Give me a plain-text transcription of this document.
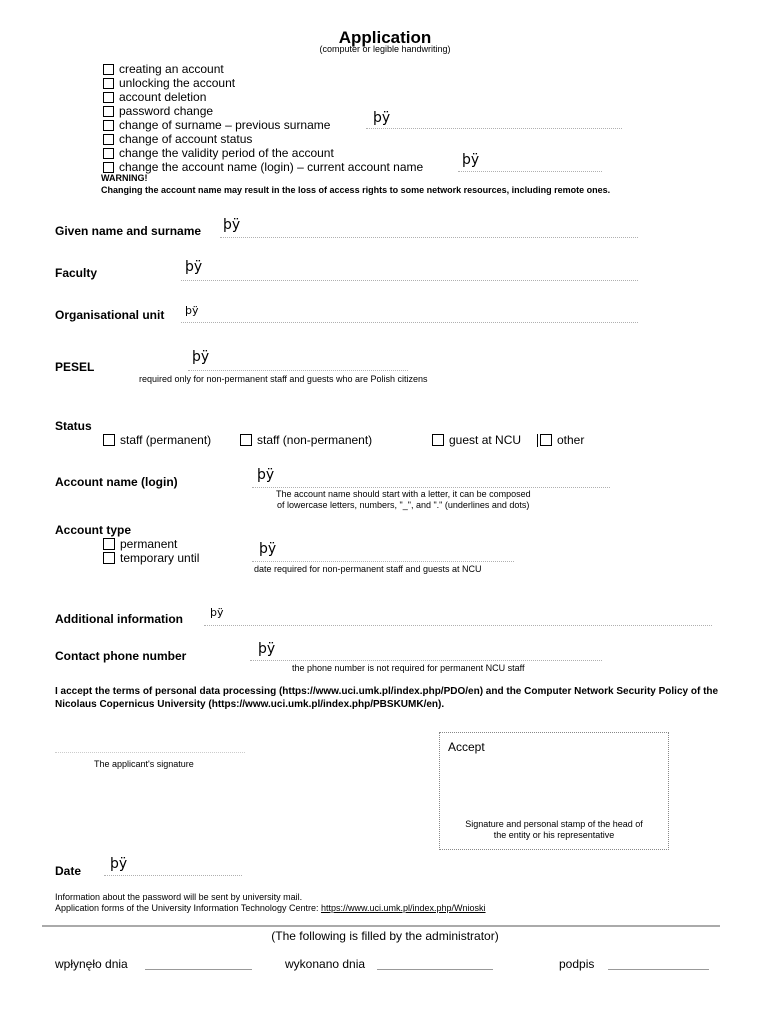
Application
(computer or legible handwriting)
creating an account
unlocking the account
account deletion
password change
change of surname – previous surname	þÿ
change of account status
change the validity period of the account
change the account name (login) – current account name	þÿ
WARNING!
Changing the account name may result in the loss of access rights to some network resources, including remote ones.
Given name and surname þÿ
Faculty	þÿ
Organisational unit þÿ
PESEL
þÿ
required only for non-permanent staff and guests who are Polish citizens
Status
staff (permanent)	staff (non-permanent)	guest at NCU	other
Account name (login)	þÿ
The account name should start with a letter, it can be composed
of lowercase letters, numbers, "_", and "." (underlines and dots)
Account type
permanent
temporary until
þÿ
date required for non-permanent staff and guests at NCU
Additional information þÿ
Contact phone number	þÿ
the phone number is not required for permanent NCU staff
I accept the terms of personal data processing (https://www.uci.umk.pl/index.php/PDO/en) and the Computer Network Security Policy of the Nicolaus Copernicus University (https://www.uci.umk.pl/index.php/PBSKUMK/en).
The applicant's signature
Accept
Signature and personal stamp of the head of
the entity or his representative
Date þÿ
Information about the password will be sent by university mail.
Application forms of the University Information Technology Centre: https://www.uci.umk.pl/index.php/Wnioski
(The following is filled by the administrator)
wpłynęło dnia	wykonano dnia	podpis
